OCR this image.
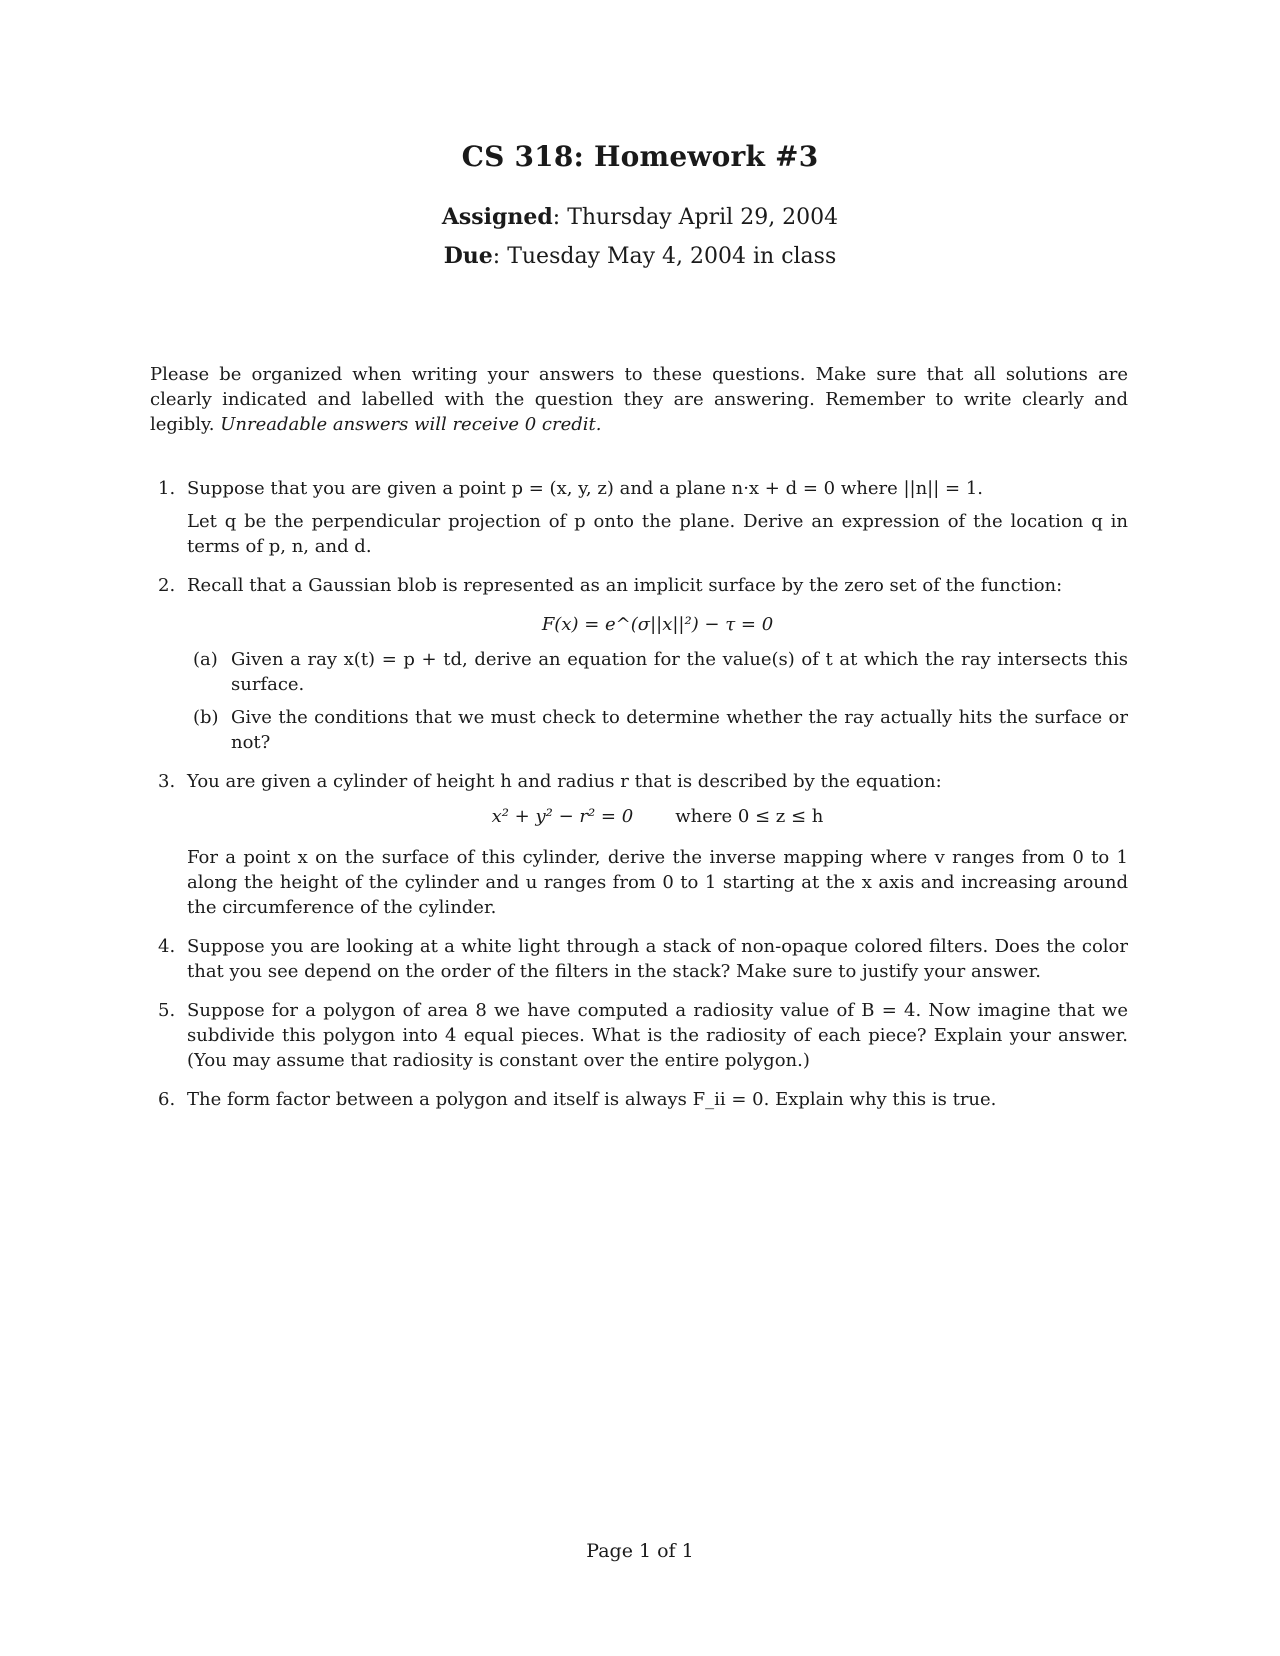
CS 318: Homework #3
Assigned: Thursday April 29, 2004
Due: Tuesday May 4, 2004 in class
Please be organized when writing your answers to these questions. Make sure that all solutions are clearly indicated and labelled with the question they are answering. Remember to write clearly and legibly. Unreadable answers will receive 0 credit.
1. Suppose that you are given a point p = (x, y, z) and a plane n·x + d = 0 where ||n|| = 1.

Let q be the perpendicular projection of p onto the plane. Derive an expression of the location q in terms of p, n, and d.

2. Recall that a Gaussian blob is represented as an implicit surface by the zero set of the function:

F(x) = e^(σ||x||²) − τ = 0
(a) Given a ray x(t) = p + td, derive an equation for the value(s) of t at which the ray intersects this surface.
(b) Give the conditions that we must check to determine whether the ray actually hits the surface or not?
3. You are given a cylinder of height h and radius r that is described by the equation:

x² + y² − r² = 0 where 0 ≤ z ≤ h

For a point x on the surface of this cylinder, derive the inverse mapping where v ranges from 0 to 1 along the height of the cylinder and u ranges from 0 to 1 starting at the x axis and increasing around the circumference of the cylinder.

4. Suppose you are looking at a white light through a stack of non-opaque colored filters. Does the color that you see depend on the order of the filters in the stack? Make sure to justify your answer.

5. Suppose for a polygon of area 8 we have computed a radiosity value of B = 4. Now imagine that we subdivide this polygon into 4 equal pieces. What is the radiosity of each piece? Explain your answer. (You may assume that radiosity is constant over the entire polygon.)

6. The form factor between a polygon and itself is always F_ii = 0. Explain why this is true.

Page 1 of 1
